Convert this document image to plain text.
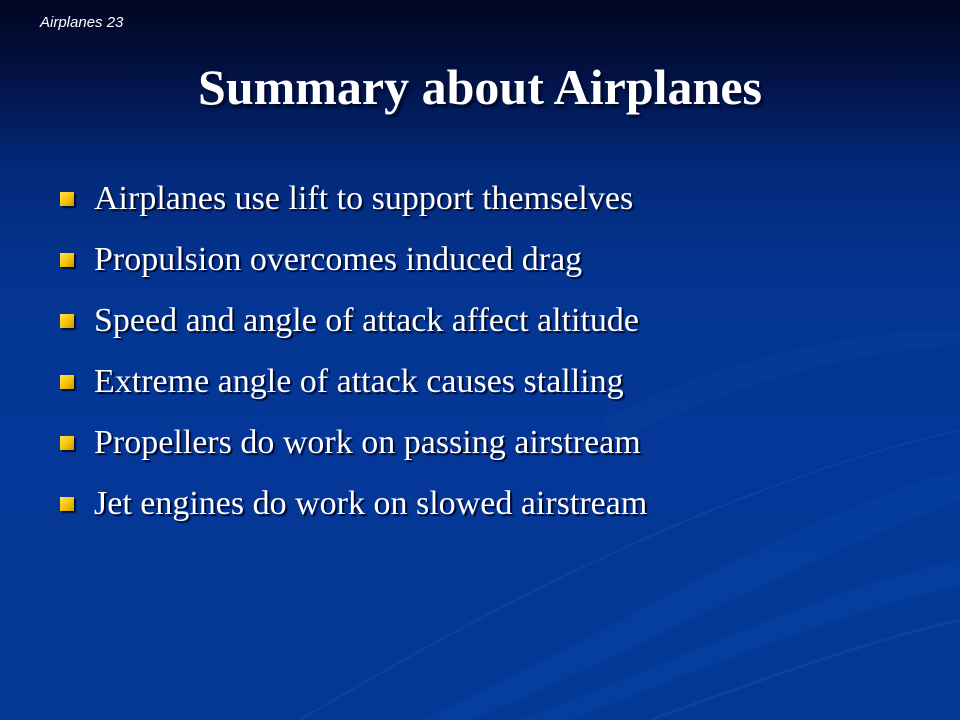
Airplanes 23
Summary about Airplanes
Airplanes use lift to support themselves
Propulsion overcomes induced drag
Speed and angle of attack affect altitude
Extreme angle of attack causes stalling
Propellers do work on passing airstream
Jet engines do work on slowed airstream
